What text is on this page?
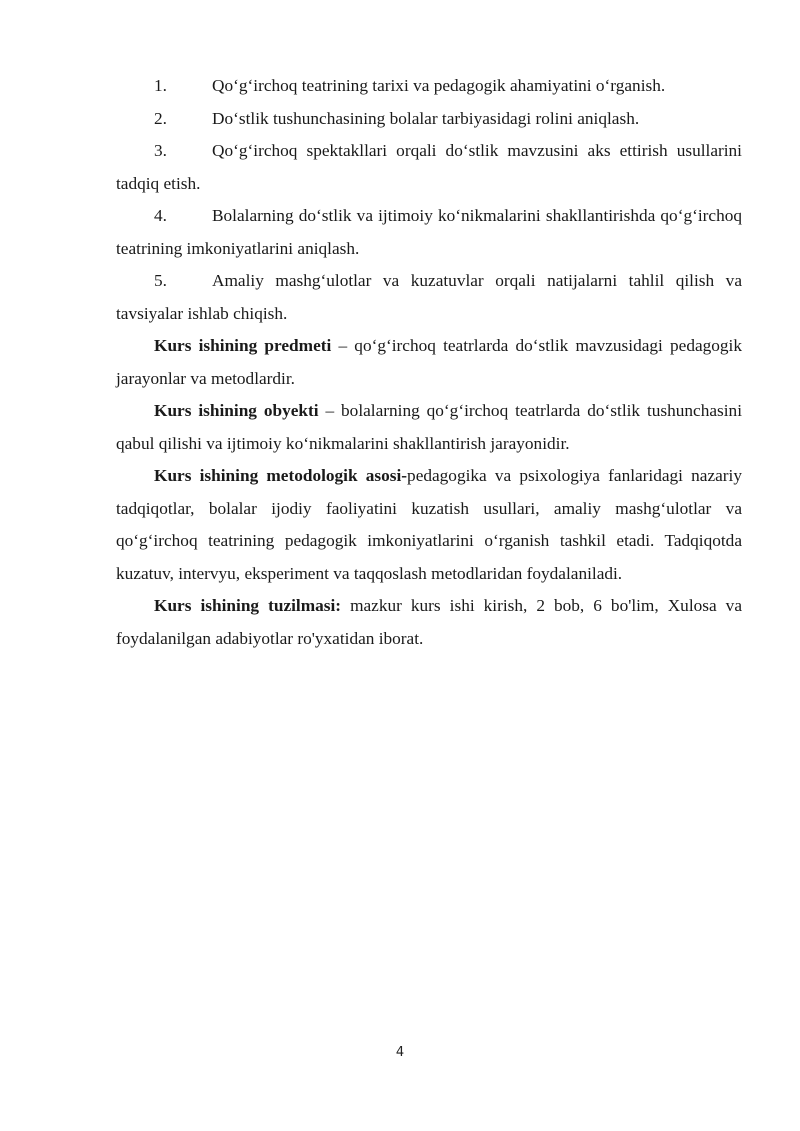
1.	Qo‘g‘irchoq teatrining tarixi va pedagogik ahamiyatini o‘rganish.

2.	Do‘stlik tushunchasining bolalar tarbiyasidagi rolini aniqlash.

3.	Qo‘g‘irchoq spektakllari orqali do‘stlik mavzusini aks ettirish usullarini tadqiq etish.

4.	Bolalarning do‘stlik va ijtimoiy ko‘nikmalarini shakllantirishda qo‘g‘irchoq teatrining imkoniyatlarini aniqlash.

5.	Amaliy mashg‘ulotlar va kuzatuvlar orqali natijalarni tahlil qilish va tavsiyalar ishlab chiqish.

Kurs ishining predmeti – qo‘g‘irchoq teatrlarda do‘stlik mavzusidagi pedagogik jarayonlar va metodlardir.

Kurs ishining obyekti – bolalarning qo‘g‘irchoq teatrlarda do‘stlik tushunchasini qabul qilishi va ijtimoiy ko‘nikmalarini shakllantirish jarayonidir.

Kurs ishining metodologik asosi-pedagogika va psixologiya fanlaridagi nazariy tadqiqotlar, bolalar ijodiy faoliyatini kuzatish usullari, amaliy mashg‘ulotlar va qo‘g‘irchoq teatrining pedagogik imkoniyatlarini o‘rganish tashkil etadi. Tadqiqotda kuzatuv, intervyu, eksperiment va taqqoslash metodlaridan foydalaniladi.

Kurs ishining tuzilmasi: mazkur kurs ishi kirish, 2 bob, 6 bo'lim, Xulosa va foydalanilgan adabiyotlar ro'yxatidan iborat.

4
